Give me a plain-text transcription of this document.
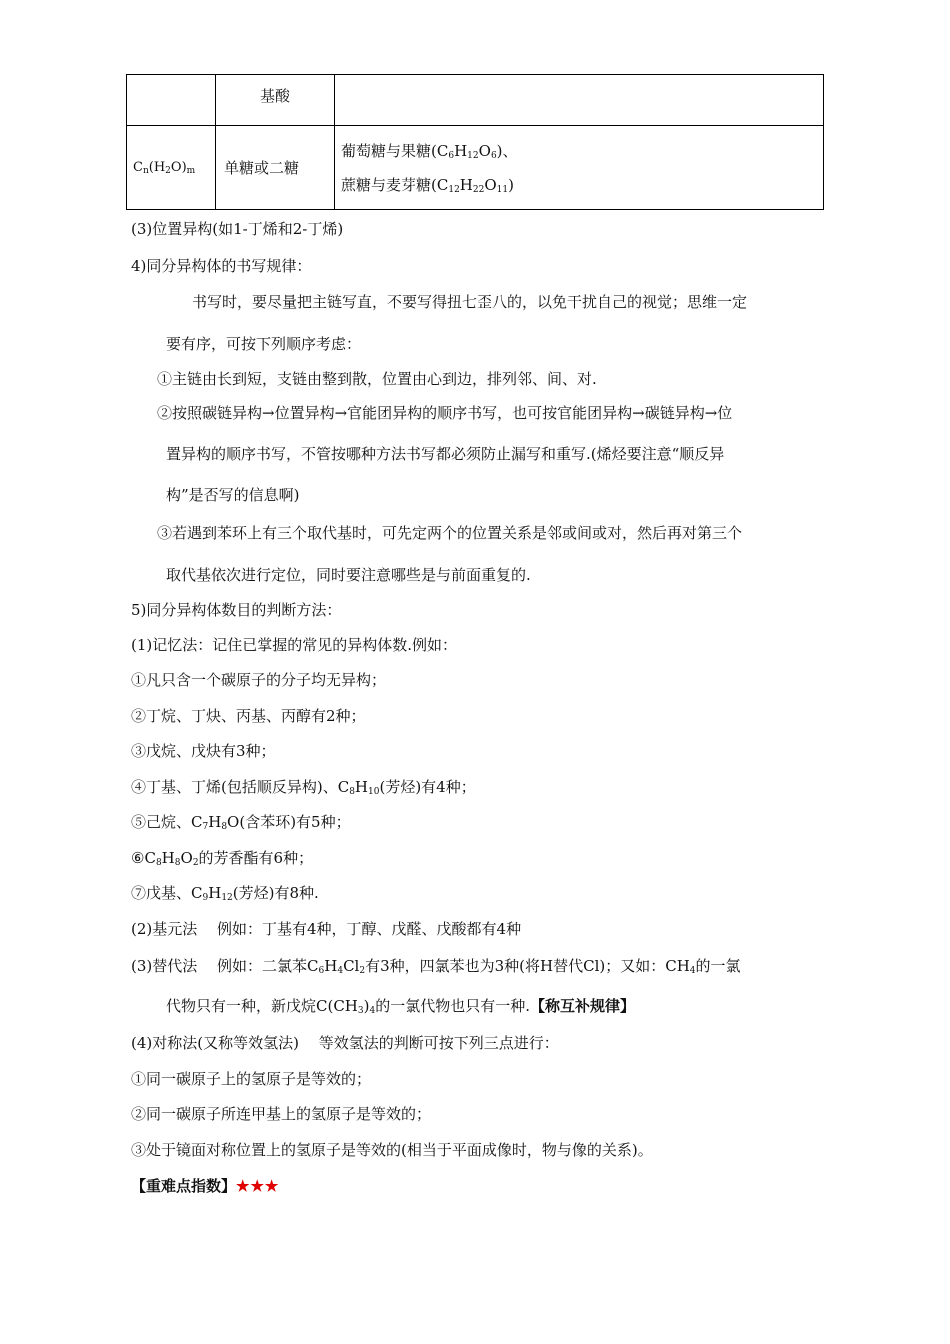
	基酸	
$C_n(H_2O)_m$	单糖或二糖	葡萄糖与果糖$(C_6H_{12}O_6)$、
蔗糖与麦芽糖$(C_{12}H_{22}O_{11})$
(3)位置异构(如1-丁烯和2-丁烯)
4)同分异构体的书写规律：
书写时，要尽量把主链写直，不要写得扭七歪八的，以免干扰自己的视觉；思维一定
要有序，可按下列顺序考虑：
①主链由长到短，支链由整到散，位置由心到边，排列邻、间、对.
②按照碳链异构→位置异构→官能团异构的顺序书写，也可按官能团异构→碳链异构→位
置异构的顺序书写，不管按哪种方法书写都必须防止漏写和重写.(烯烃要注意“顺反异
构”是否写的信息啊)
③若遇到苯环上有三个取代基时，可先定两个的位置关系是邻或间或对，然后再对第三个
取代基依次进行定位，同时要注意哪些是与前面重复的.
5)同分异构体数目的判断方法：
(1)记忆法：记住已掌握的常见的异构体数.例如：
①凡只含一个碳原子的分子均无异构；
②丁烷、丁炔、丙基、丙醇有2种；
③戊烷、戊炔有3种；
④丁基、丁烯(包括顺反异构)、$C_8H_{10}$(芳烃)有4种；
⑤己烷、$C_7H_8O$(含苯环)有5种；
$⑥C_8H_8O_2$的芳香酯有6种；
⑦戊基、$C_9H_{12}$(芳烃)有8种.
(2)基元法　 例如：丁基有4种，丁醇、戊醛、戊酸都有4种
(3)替代法　 例如：二氯苯$C_6H_4Cl_2$有3种，四氯苯也为3种(将H替代Cl)；又如：$CH_4$的一氯
代物只有一种，新戊烷$C(CH_3)_4$的一氯代物也只有一种.【称互补规律】
(4)对称法(又称等效氢法)　 等效氢法的判断可按下列三点进行：
①同一碳原子上的氢原子是等效的；
②同一碳原子所连甲基上的氢原子是等效的；
③处于镜面对称位置上的氢原子是等效的(相当于平面成像时，物与像的关系)。
【重难点指数】★★★
